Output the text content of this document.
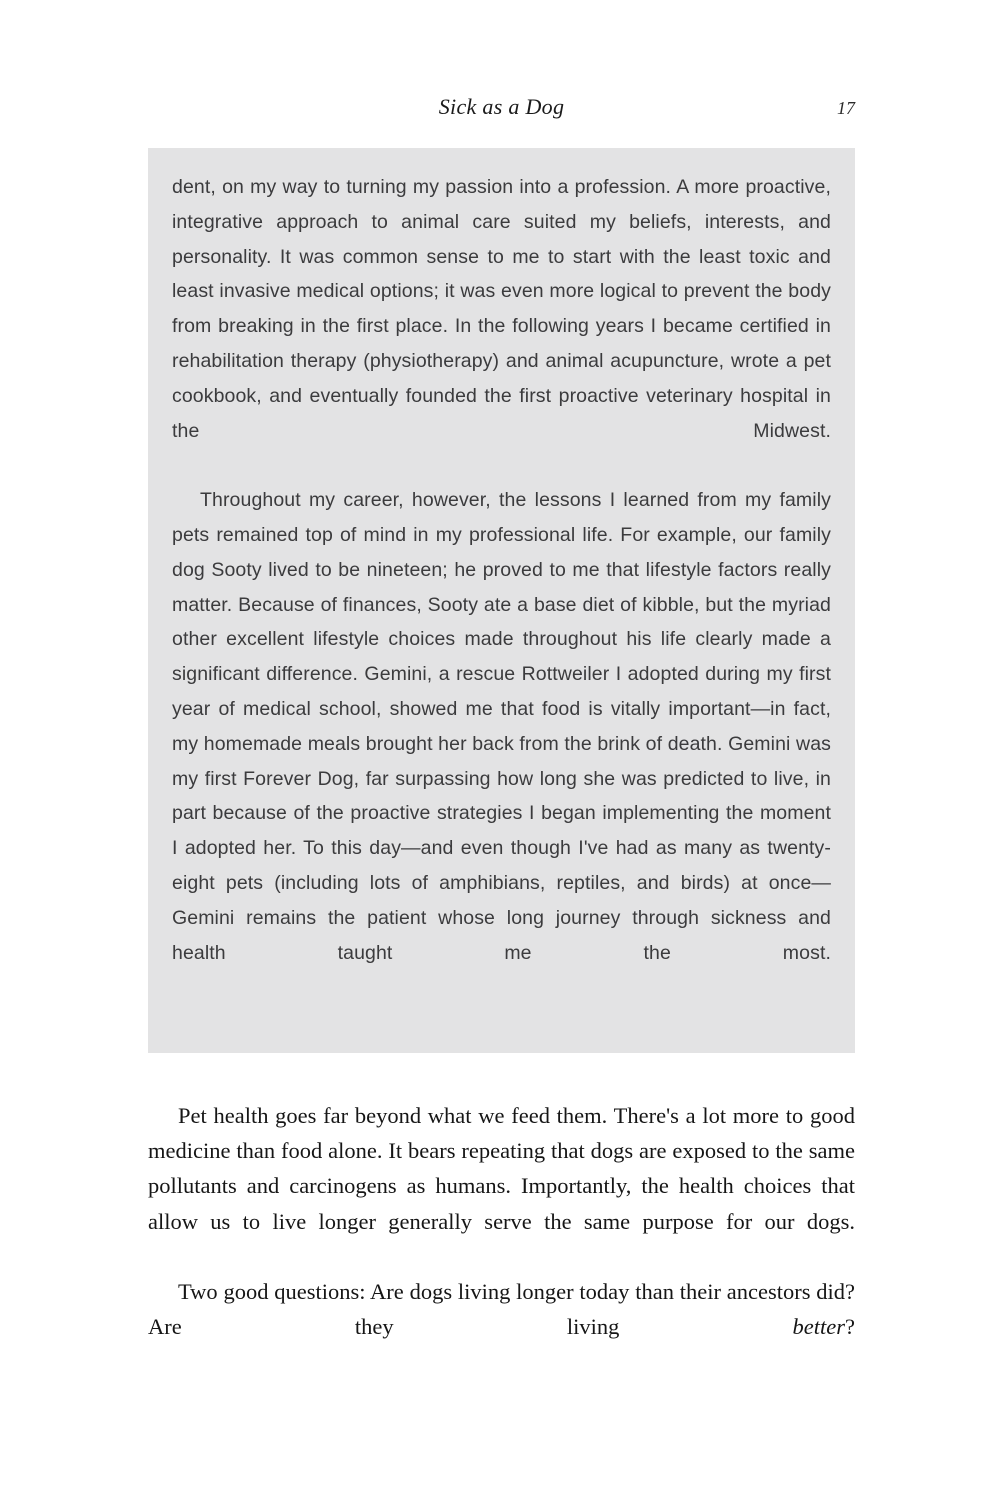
Sick as a Dog	17

dent, on my way to turning my passion into a profession. A more proactive, integrative approach to animal care suited my beliefs, interests, and personality. It was common sense to me to start with the least toxic and least invasive medical options; it was even more logical to prevent the body from breaking in the first place. In the following years I became certified in rehabilitation therapy (physiotherapy) and animal acupuncture, wrote a pet cookbook, and eventually founded the first proactive veterinary hospital in the Midwest.

Throughout my career, however, the lessons I learned from my family pets remained top of mind in my professional life. For example, our family dog Sooty lived to be nineteen; he proved to me that lifestyle factors really matter. Because of finances, Sooty ate a base diet of kibble, but the myriad other excellent lifestyle choices made throughout his life clearly made a significant difference. Gemini, a rescue Rottweiler I adopted during my first year of medical school, showed me that food is vitally important—in fact, my homemade meals brought her back from the brink of death. Gemini was my first Forever Dog, far surpassing how long she was predicted to live, in part because of the proactive strategies I began implementing the moment I adopted her. To this day—and even though I've had as many as twenty-eight pets (including lots of amphibians, reptiles, and birds) at once—Gemini remains the patient whose long journey through sickness and health taught me the most.

Pet health goes far beyond what we feed them. There's a lot more to good medicine than food alone. It bears repeating that dogs are exposed to the same pollutants and carcinogens as humans. Importantly, the health choices that allow us to live longer generally serve the same purpose for our dogs.

Two good questions: Are dogs living longer today than their ancestors did? Are they living better?
